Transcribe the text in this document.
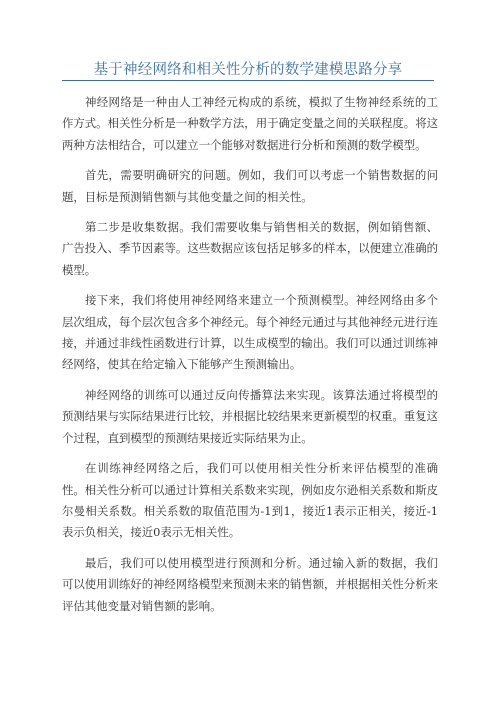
基于神经网络和相关性分析的数学建模思路分享

神经网络是一种由人工神经元构成的系统，模拟了生物神经系统的工作方式。相关性分析是一种数学方法，用于确定变量之间的关联程度。将这两种方法相结合，可以建立一个能够对数据进行分析和预测的数学模型。

首先，需要明确研究的问题。例如，我们可以考虑一个销售数据的问题，目标是预测销售额与其他变量之间的相关性。

第二步是收集数据。我们需要收集与销售相关的数据，例如销售额、广告投入、季节因素等。这些数据应该包括足够多的样本，以便建立准确的模型。

接下来，我们将使用神经网络来建立一个预测模型。神经网络由多个层次组成，每个层次包含多个神经元。每个神经元通过与其他神经元进行连接，并通过非线性函数进行计算，以生成模型的输出。我们可以通过训练神经网络，使其在给定输入下能够产生预测输出。

神经网络的训练可以通过反向传播算法来实现。该算法通过将模型的预测结果与实际结果进行比较，并根据比较结果来更新模型的权重。重复这个过程，直到模型的预测结果接近实际结果为止。

在训练神经网络之后，我们可以使用相关性分析来评估模型的准确性。相关性分析可以通过计算相关系数来实现，例如皮尔逊相关系数和斯皮尔曼相关系数。相关系数的取值范围为-1到1，接近1表示正相关，接近-1表示负相关，接近0表示无相关性。

最后，我们可以使用模型进行预测和分析。通过输入新的数据，我们可以使用训练好的神经网络模型来预测未来的销售额，并根据相关性分析来评估其他变量对销售额的影响。
